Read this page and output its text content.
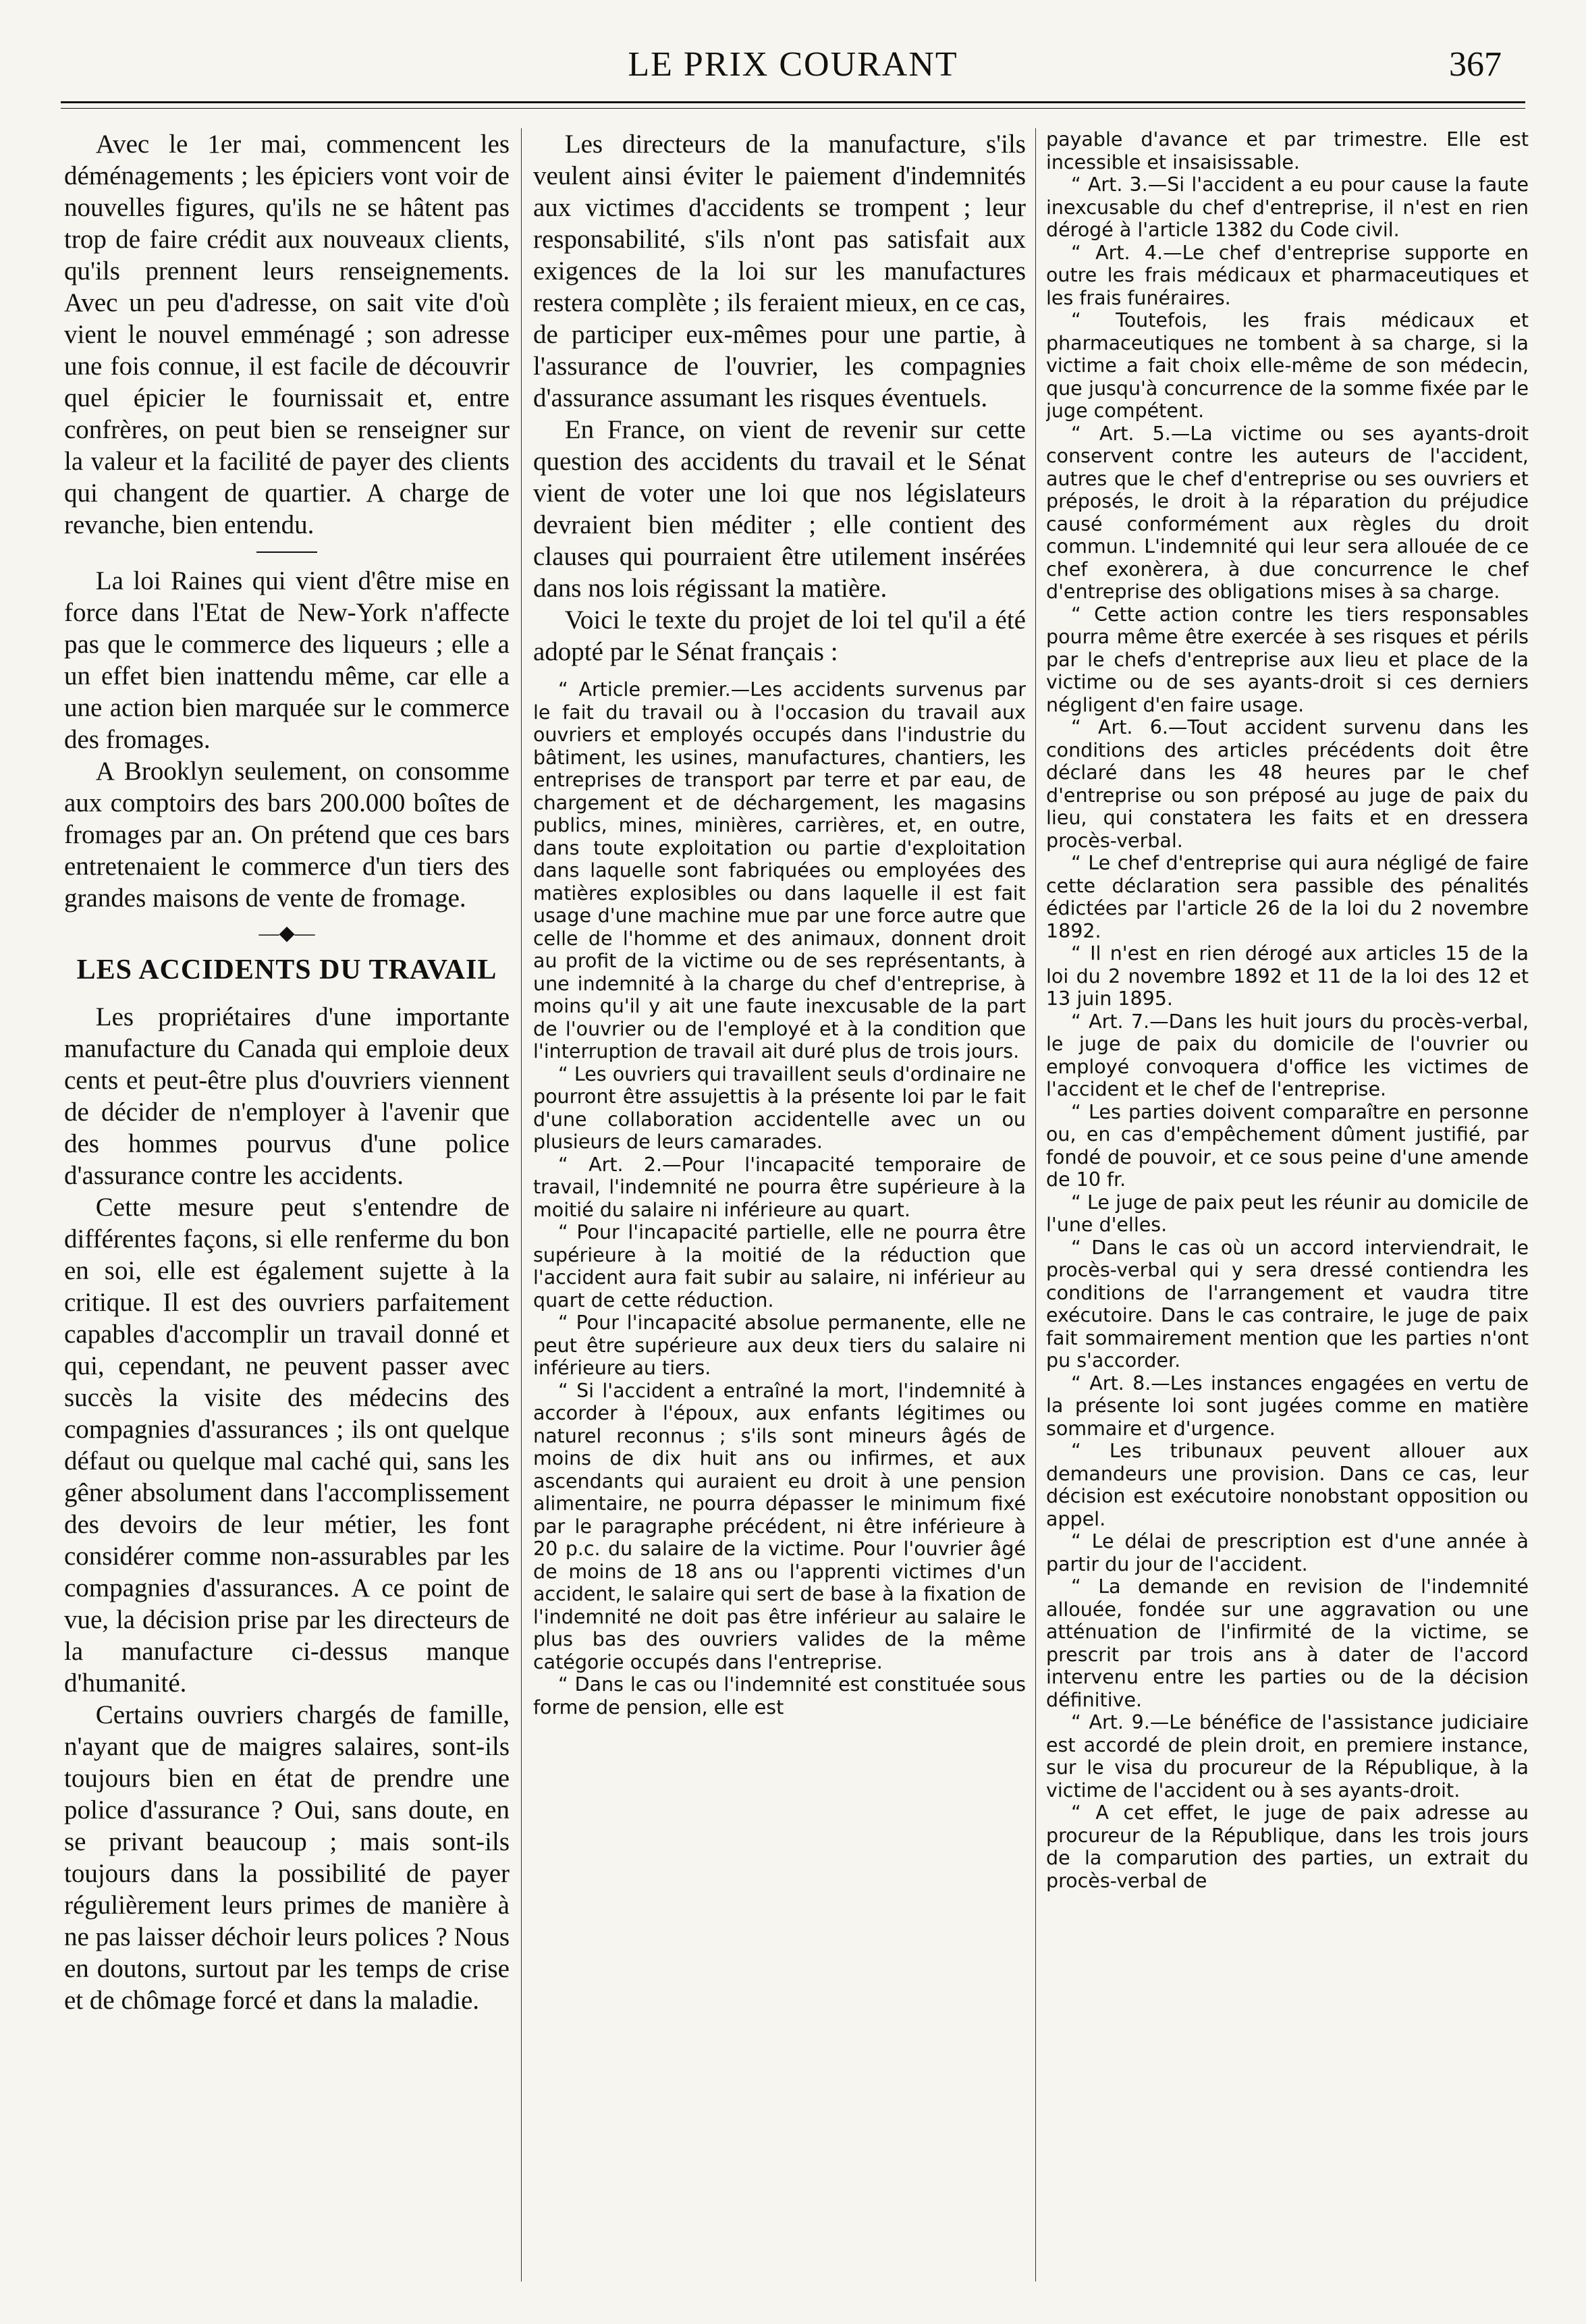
LE PRIX COURANT	367

Avec le 1er mai, commencent les déménagements ; les épiciers vont voir de nouvelles figures, qu'ils ne se hâtent pas trop de faire crédit aux nouveaux clients, qu'ils prennent leurs renseignements. Avec un peu d'adresse, on sait vite d'où vient le nouvel emménagé ; son adresse une fois connue, il est facile de découvrir quel épicier le fournissait et, entre confrères, on peut bien se renseigner sur la valeur et la facilité de payer des clients qui changent de quartier. A charge de revanche, bien entendu.

La loi Raines qui vient d'être mise en force dans l'Etat de New-York n'affecte pas que le commerce des liqueurs ; elle a un effet bien inattendu même, car elle a une action bien marquée sur le commerce des fromages.

A Brooklyn seulement, on consomme aux comptoirs des bars 200.000 boîtes de fromages par an. On prétend que ces bars entretenaient le commerce d'un tiers des grandes maisons de vente de fromage.

—◆—
LES ACCIDENTS DU TRAVAIL

Les propriétaires d'une importante manufacture du Canada qui emploie deux cents et peut-être plus d'ouvriers viennent de décider de n'employer à l'avenir que des hommes pourvus d'une police d'assurance contre les accidents.

Cette mesure peut s'entendre de différentes façons, si elle renferme du bon en soi, elle est également sujette à la critique. Il est des ouvriers parfaitement capables d'accomplir un travail donné et qui, cependant, ne peuvent passer avec succès la visite des médecins des compagnies d'assurances ; ils ont quelque défaut ou quelque mal caché qui, sans les gêner absolument dans l'accomplissement des devoirs de leur métier, les font considérer comme non-assurables par les compagnies d'assurances. A ce point de vue, la décision prise par les directeurs de la manufacture ci-dessus manque d'humanité.

Certains ouvriers chargés de famille, n'ayant que de maigres salaires, sont-ils toujours bien en état de prendre une police d'assurance ? Oui, sans doute, en se privant beaucoup ; mais sont-ils toujours dans la possibilité de payer régulièrement leurs primes de manière à ne pas laisser déchoir leurs polices ? Nous en doutons, surtout par les temps de crise et de chômage forcé et dans la maladie.

Les directeurs de la manufacture, s'ils veulent ainsi éviter le paiement d'indemnités aux victimes d'accidents se trompent ; leur responsabilité, s'ils n'ont pas satisfait aux exigences de la loi sur les manufactures restera complète ; ils feraient mieux, en ce cas, de participer eux-mêmes pour une partie, à l'assurance de l'ouvrier, les compagnies d'assurance assumant les risques éventuels.

En France, on vient de revenir sur cette question des accidents du travail et le Sénat vient de voter une loi que nos législateurs devraient bien méditer ; elle contient des clauses qui pourraient être utilement insérées dans nos lois régissant la matière.

Voici le texte du projet de loi tel qu'il a été adopté par le Sénat français :

“ Article premier.—Les accidents survenus par le fait du travail ou à l'occasion du travail aux ouvriers et employés occupés dans l'industrie du bâtiment, les usines, manufactures, chantiers, les entreprises de transport par terre et par eau, de chargement et de déchargement, les magasins publics, mines, minières, carrières, et, en outre, dans toute exploitation ou partie d'exploitation dans laquelle sont fabriquées ou employées des matières explosibles ou dans laquelle il est fait usage d'une machine mue par une force autre que celle de l'homme et des animaux, donnent droit au profit de la victime ou de ses représentants, à une indemnité à la charge du chef d'entreprise, à moins qu'il y ait une faute inexcusable de la part de l'ouvrier ou de l'employé et à la condition que l'interruption de travail ait duré plus de trois jours.

“ Les ouvriers qui travaillent seuls d'ordinaire ne pourront être assujettis à la présente loi par le fait d'une collaboration accidentelle avec un ou plusieurs de leurs camarades.

“ Art. 2.—Pour l'incapacité temporaire de travail, l'indemnité ne pourra être supérieure à la moitié du salaire ni inférieure au quart.

“ Pour l'incapacité partielle, elle ne pourra être supérieure à la moitié de la réduction que l'accident aura fait subir au salaire, ni inférieur au quart de cette réduction.

“ Pour l'incapacité absolue permanente, elle ne peut être supérieure aux deux tiers du salaire ni inférieure au tiers.

“ Si l'accident a entraîné la mort, l'indemnité à accorder à l'époux, aux enfants légitimes ou naturel reconnus ; s'ils sont mineurs âgés de moins de dix huit ans ou infirmes, et aux ascendants qui auraient eu droit à une pension alimentaire, ne pourra dépasser le minimum fixé par le paragraphe précédent, ni être inférieure à 20 p.c. du salaire de la victime. Pour l'ouvrier âgé de moins de 18 ans ou l'apprenti victimes d'un accident, le salaire qui sert de base à la fixation de l'indemnité ne doit pas être inférieur au salaire le plus bas des ouvriers valides de la même catégorie occupés dans l'entreprise.

“ Dans le cas ou l'indemnité est constituée sous forme de pension, elle est

payable d'avance et par trimestre. Elle est incessible et insaisissable.

“ Art. 3.—Si l'accident a eu pour cause la faute inexcusable du chef d'entreprise, il n'est en rien dérogé à l'article 1382 du Code civil.

“ Art. 4.—Le chef d'entreprise supporte en outre les frais médicaux et pharmaceutiques et les frais funéraires.

“ Toutefois, les frais médicaux et pharmaceutiques ne tombent à sa charge, si la victime a fait choix elle-même de son médecin, que jusqu'à concurrence de la somme fixée par le juge compétent.

“ Art. 5.—La victime ou ses ayants-droit conservent contre les auteurs de l'accident, autres que le chef d'entreprise ou ses ouvriers et préposés, le droit à la réparation du préjudice causé conformément aux règles du droit commun. L'indemnité qui leur sera allouée de ce chef exonèrera, à due concurrence le chef d'entreprise des obligations mises à sa charge.

“ Cette action contre les tiers responsables pourra même être exercée à ses risques et périls par le chefs d'entreprise aux lieu et place de la victime ou de ses ayants-droit si ces derniers négligent d'en faire usage.

“ Art. 6.—Tout accident survenu dans les conditions des articles précédents doit être déclaré dans les 48 heures par le chef d'entreprise ou son préposé au juge de paix du lieu, qui constatera les faits et en dressera procès-verbal.

“ Le chef d'entreprise qui aura négligé de faire cette déclaration sera passible des pénalités édictées par l'article 26 de la loi du 2 novembre 1892.

“ Il n'est en rien dérogé aux articles 15 de la loi du 2 novembre 1892 et 11 de la loi des 12 et 13 juin 1895.

“ Art. 7.—Dans les huit jours du procès-verbal, le juge de paix du domicile de l'ouvrier ou employé convoquera d'office les victimes de l'accident et le chef de l'entreprise.

“ Les parties doivent comparaître en personne ou, en cas d'empêchement dûment justifié, par fondé de pouvoir, et ce sous peine d'une amende de 10 fr.

“ Le juge de paix peut les réunir au domicile de l'une d'elles.

“ Dans le cas où un accord interviendrait, le procès-verbal qui y sera dressé contiendra les conditions de l'arrangement et vaudra titre exécutoire. Dans le cas contraire, le juge de paix fait sommairement mention que les parties n'ont pu s'accorder.

“ Art. 8.—Les instances engagées en vertu de la présente loi sont jugées comme en matière sommaire et d'urgence.

“ Les tribunaux peuvent allouer aux demandeurs une provision. Dans ce cas, leur décision est exécutoire nonobstant opposition ou appel.

“ Le délai de prescription est d'une année à partir du jour de l'accident.

“ La demande en revision de l'indemnité allouée, fondée sur une aggravation ou une atténuation de l'infirmité de la victime, se prescrit par trois ans à dater de l'accord intervenu entre les parties ou de la décision définitive.

“ Art. 9.—Le bénéfice de l'assistance judiciaire est accordé de plein droit, en premiere instance, sur le visa du procureur de la République, à la victime de l'accident ou à ses ayants-droit.

“ A cet effet, le juge de paix adresse au procureur de la République, dans les trois jours de la comparution des parties, un extrait du procès-verbal de
